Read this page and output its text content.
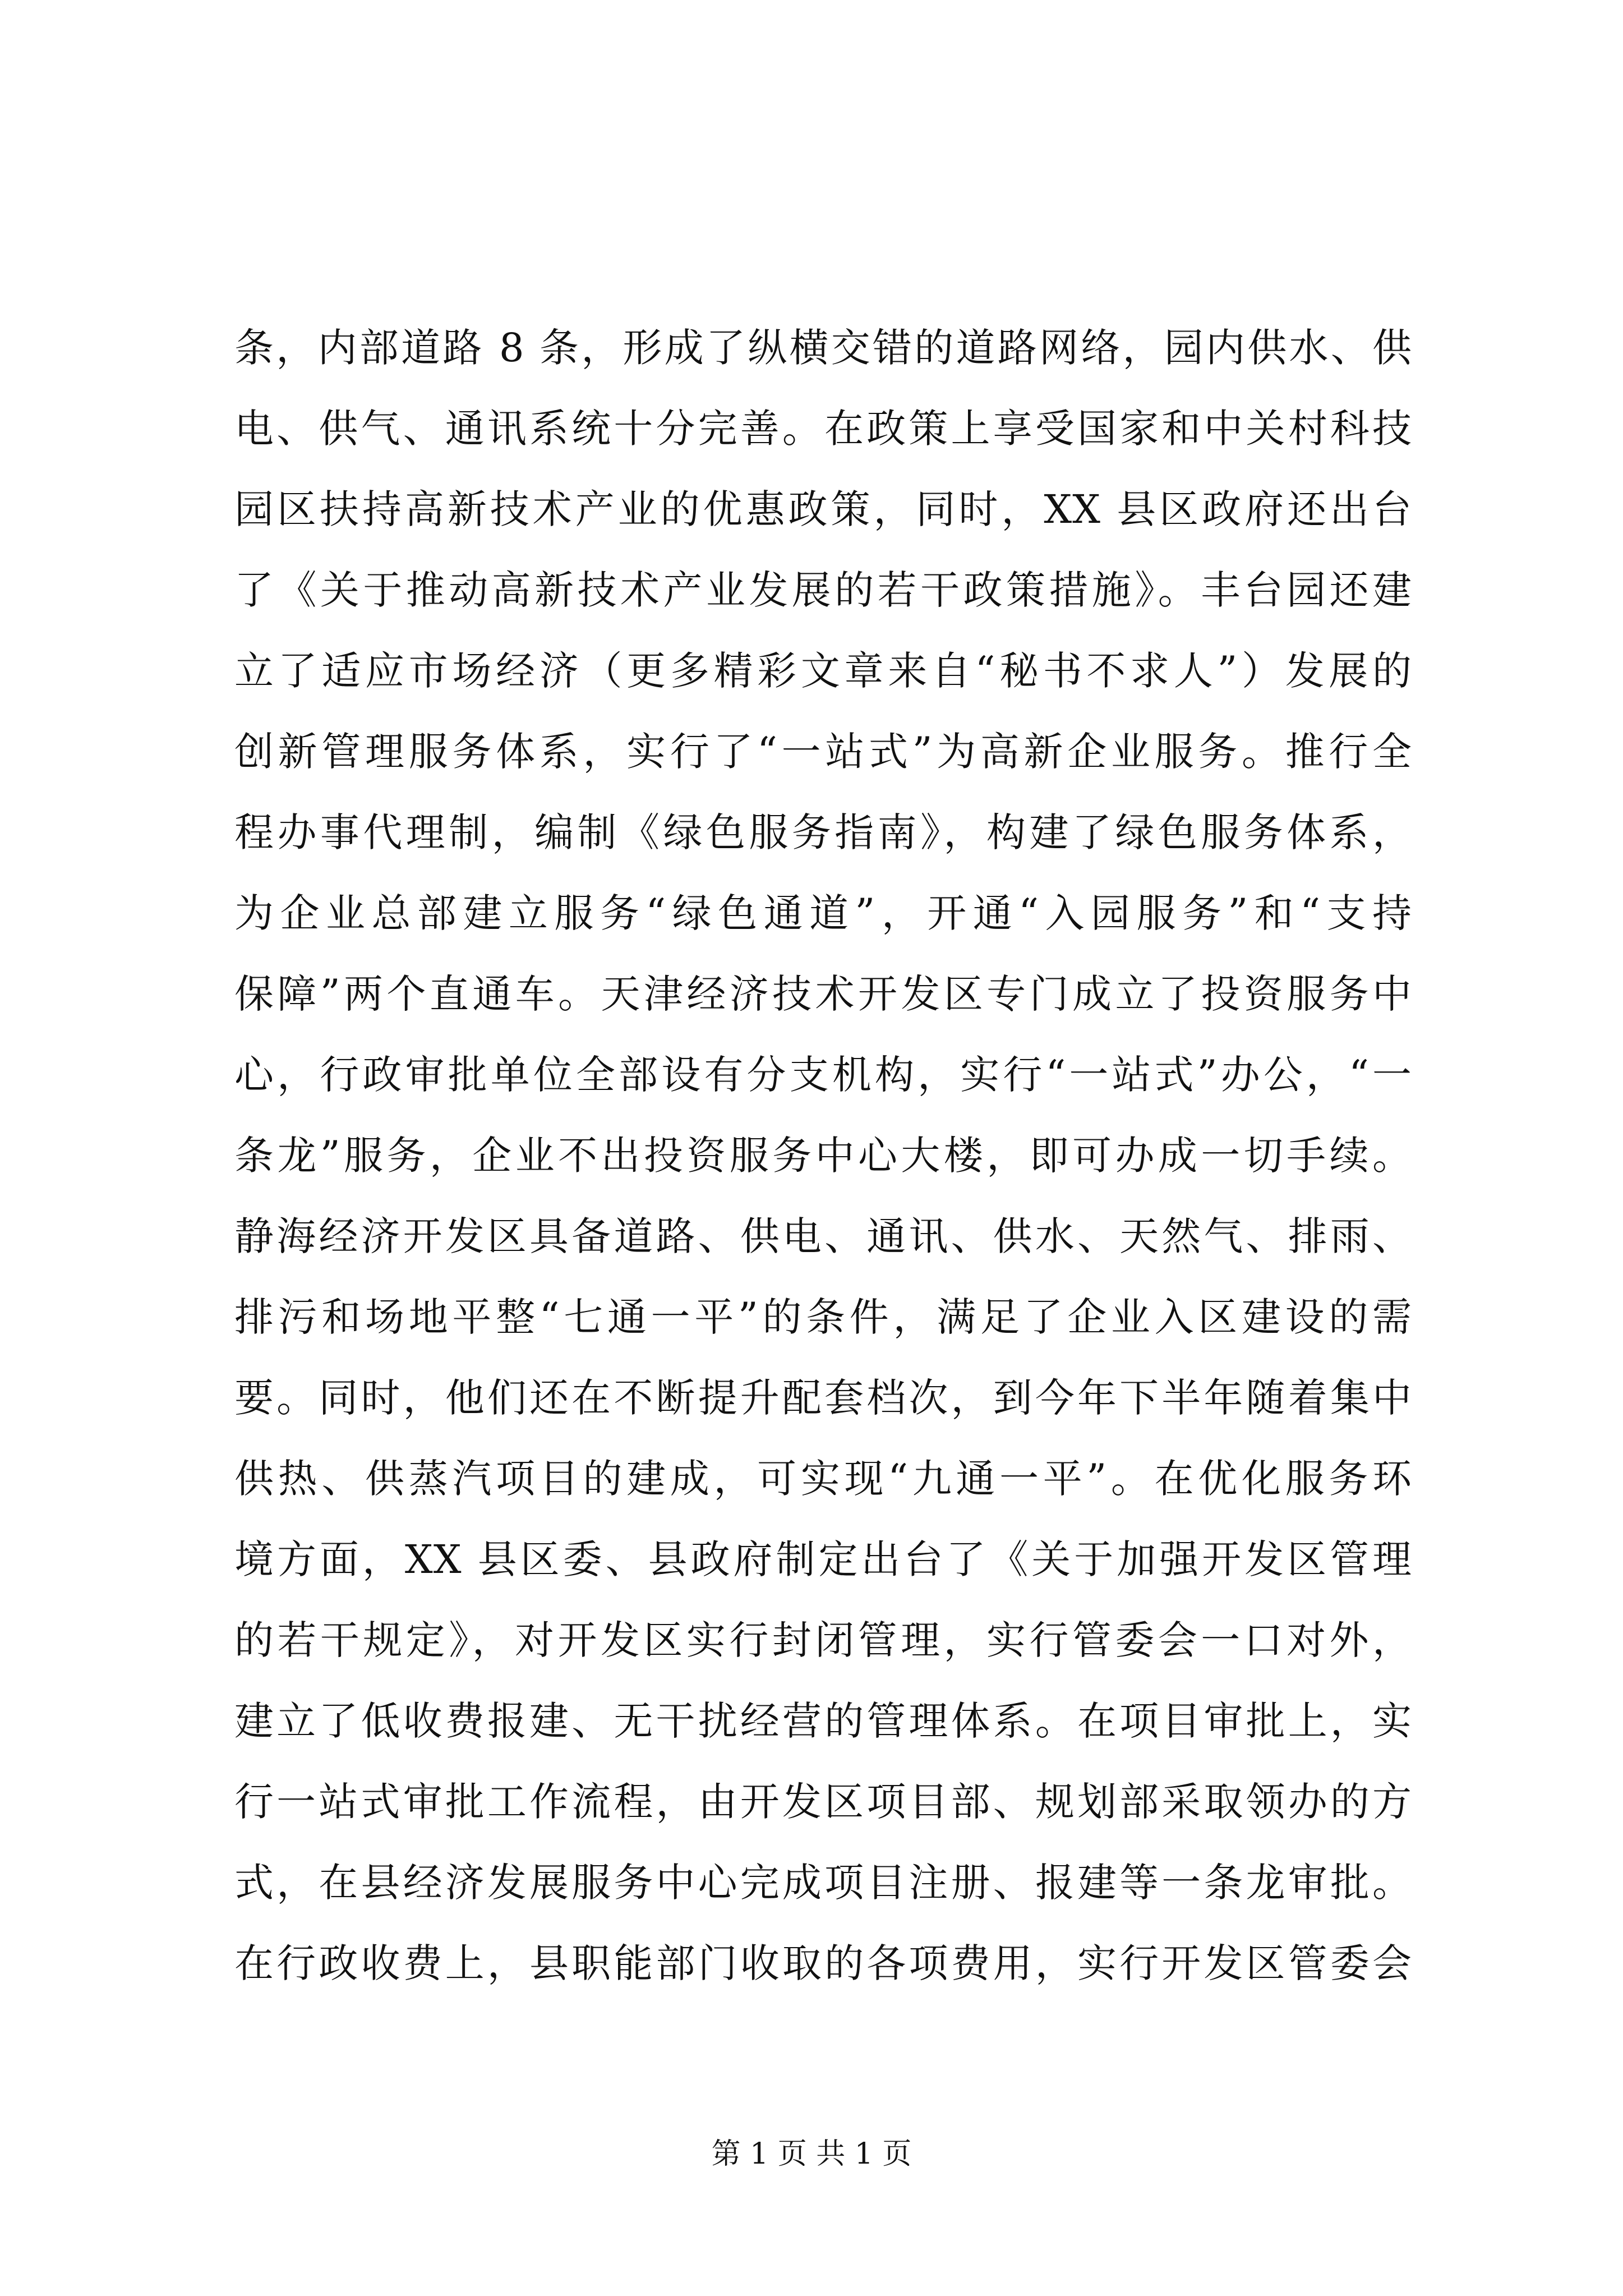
条，内部道路 8 条，形成了纵横交错的道路网络，园内供水、供
电、供气、通讯系统十分完善。在政策上享受国家和中关村科技
园区扶持高新技术产业的优惠政策，同时，XX 县区政府还出台
了《关于推动高新技术产业发展的若干政策措施》。丰台园还建
立了适应市场经济（更多精彩文章来自“秘书不求人”）发展的
创新管理服务体系，实行了“一站式”为高新企业服务。推行全
程办事代理制，编制《绿色服务指南》，构建了绿色服务体系，
为企业总部建立服务“绿色通道”，开通“入园服务”和“支持
保障”两个直通车。天津经济技术开发区专门成立了投资服务中
心，行政审批单位全部设有分支机构，实行“一站式”办公，“一
条龙”服务，企业不出投资服务中心大楼，即可办成一切手续。
静海经济开发区具备道路、供电、通讯、供水、天然气、排雨、
排污和场地平整“七通一平”的条件，满足了企业入区建设的需
要。同时，他们还在不断提升配套档次，到今年下半年随着集中
供热、供蒸汽项目的建成，可实现“九通一平”。在优化服务环
境方面，XX 县区委、县政府制定出台了《关于加强开发区管理
的若干规定》，对开发区实行封闭管理，实行管委会一口对外，
建立了低收费报建、无干扰经营的管理体系。在项目审批上，实
行一站式审批工作流程，由开发区项目部、规划部采取领办的方
式，在县经济发展服务中心完成项目注册、报建等一条龙审批。
在行政收费上，县职能部门收取的各项费用，实行开发区管委会
第 1 页 共 1 页
